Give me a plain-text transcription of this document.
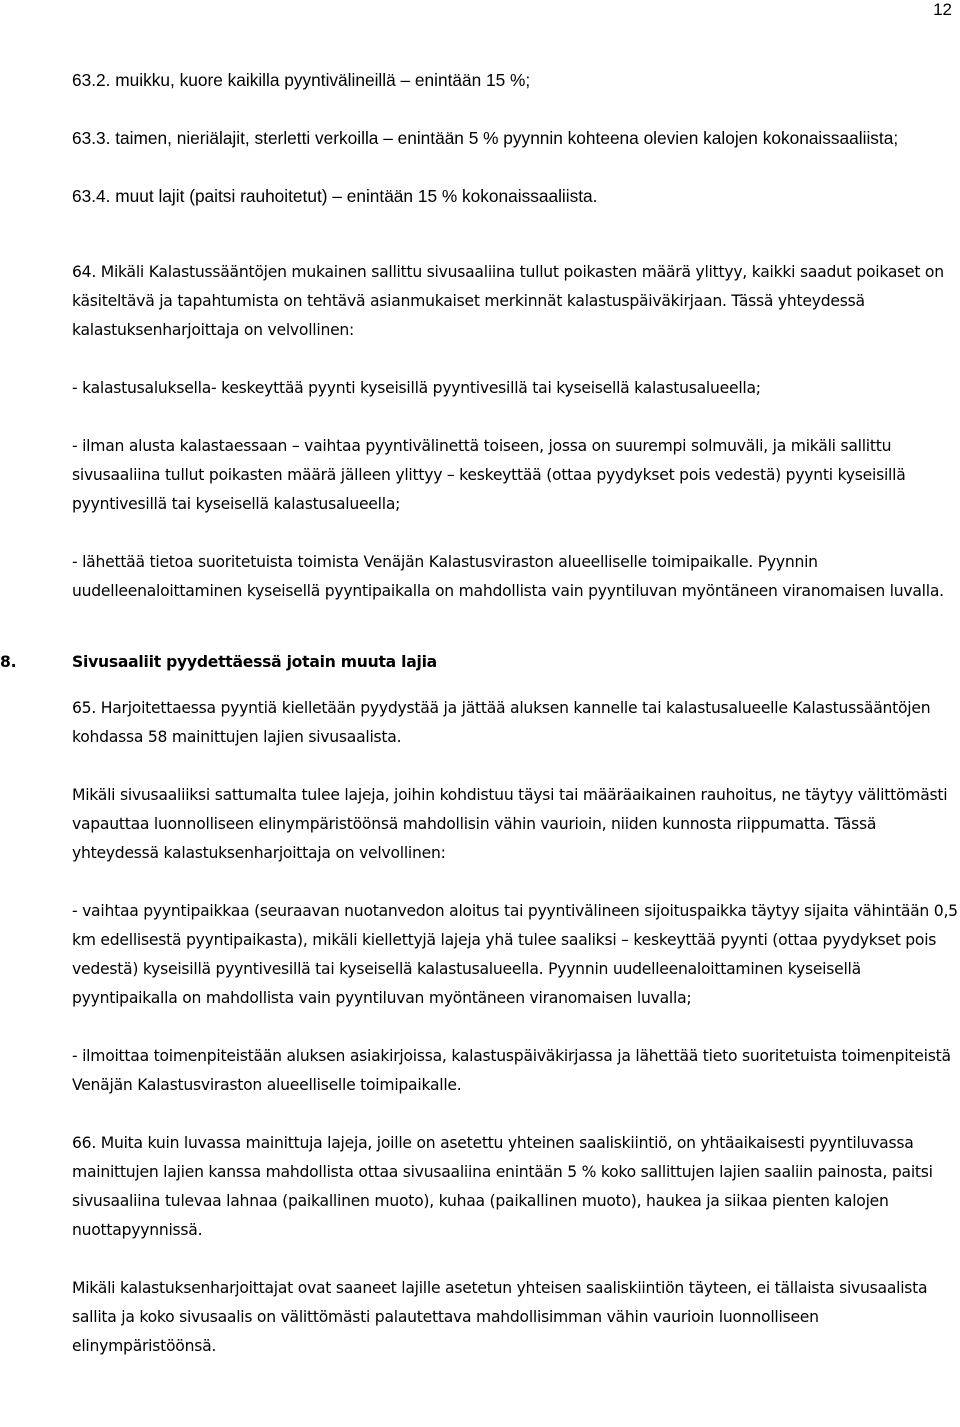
12

63.2. muikku, kuore kaikilla pyyntivälineillä – enintään 15 %;

63.3. taimen, nieriälajit, sterletti verkoilla – enintään 5 % pyynnin kohteena olevien kalojen kokonaissaaliista;

63.4. muut lajit (paitsi rauhoitetut) – enintään 15 % kokonaissaaliista.

64. Mikäli Kalastussääntöjen mukainen sallittu sivusaaliina tullut poikasten määrä ylittyy, kaikki saadut poikaset on käsiteltävä ja tapahtumista on tehtävä asianmukaiset merkinnät kalastuspäiväkirjaan. Tässä yhteydessä kalastuksenharjoittaja on velvollinen:

- kalastusaluksella- keskeyttää pyynti kyseisillä pyyntivesillä tai kyseisellä kalastusalueella;

- ilman alusta kalastaessaan – vaihtaa pyyntivälinettä toiseen, jossa on suurempi solmuväli, ja mikäli sallittu sivusaaliina tullut poikasten määrä jälleen ylittyy – keskeyttää (ottaa pyydykset pois vedestä) pyynti kyseisillä pyyntivesillä tai kyseisellä kalastusalueella;

- lähettää tietoa suoritetuista toimista Venäjän Kalastusviraston alueelliselle toimipaikalle. Pyynnin uudelleenaloittaminen kyseisellä pyyntipaikalla on mahdollista vain pyyntiluvan myöntäneen viranomaisen luvalla.

8.	Sivusaaliit pyydettäessä jotain muuta lajia

65. Harjoitettaessa pyyntiä kielletään pyydystää ja jättää aluksen kannelle tai kalastusalueelle Kalastussääntöjen kohdassa 58 mainittujen lajien sivusaalista.

Mikäli sivusaaliiksi sattumalta tulee lajeja, joihin kohdistuu täysi tai määräaikainen rauhoitus, ne täytyy välittömästi vapauttaa luonnolliseen elinympäristöönsä mahdollisin vähin vaurioin, niiden kunnosta riippumatta. Tässä yhteydessä kalastuksenharjoittaja on velvollinen:

- vaihtaa pyyntipaikkaa (seuraavan nuotanvedon aloitus tai pyyntivälineen sijoituspaikka täytyy sijaita vähintään 0,5 km edellisestä pyyntipaikasta), mikäli kiellettyjä lajeja yhä tulee saaliksi – keskeyttää pyynti (ottaa pyydykset pois vedestä) kyseisillä pyyntivesillä tai kyseisellä kalastusalueella. Pyynnin uudelleenaloittaminen kyseisellä pyyntipaikalla on mahdollista vain pyyntiluvan myöntäneen viranomaisen luvalla;

- ilmoittaa toimenpiteistään aluksen asiakirjoissa, kalastuspäiväkirjassa ja lähettää tieto suoritetuista toimenpiteistä Venäjän Kalastusviraston alueelliselle toimipaikalle.

66. Muita kuin luvassa mainittuja lajeja, joille on asetettu yhteinen saaliskiintiö, on yhtäaikaisesti pyyntiluvassa mainittujen lajien kanssa mahdollista ottaa sivusaaliina enintään 5 % koko sallittujen lajien saaliin painosta, paitsi sivusaaliina tulevaa lahnaa (paikallinen muoto), kuhaa (paikallinen muoto), haukea ja siikaa pienten kalojen nuottapyynnissä.

Mikäli kalastuksenharjoittajat ovat saaneet lajille asetetun yhteisen saaliskiintiön täyteen, ei tällaista sivusaalista sallita ja koko sivusaalis on välittömästi palautettava mahdollisimman vähin vaurioin luonnolliseen elinympäristöönsä.
